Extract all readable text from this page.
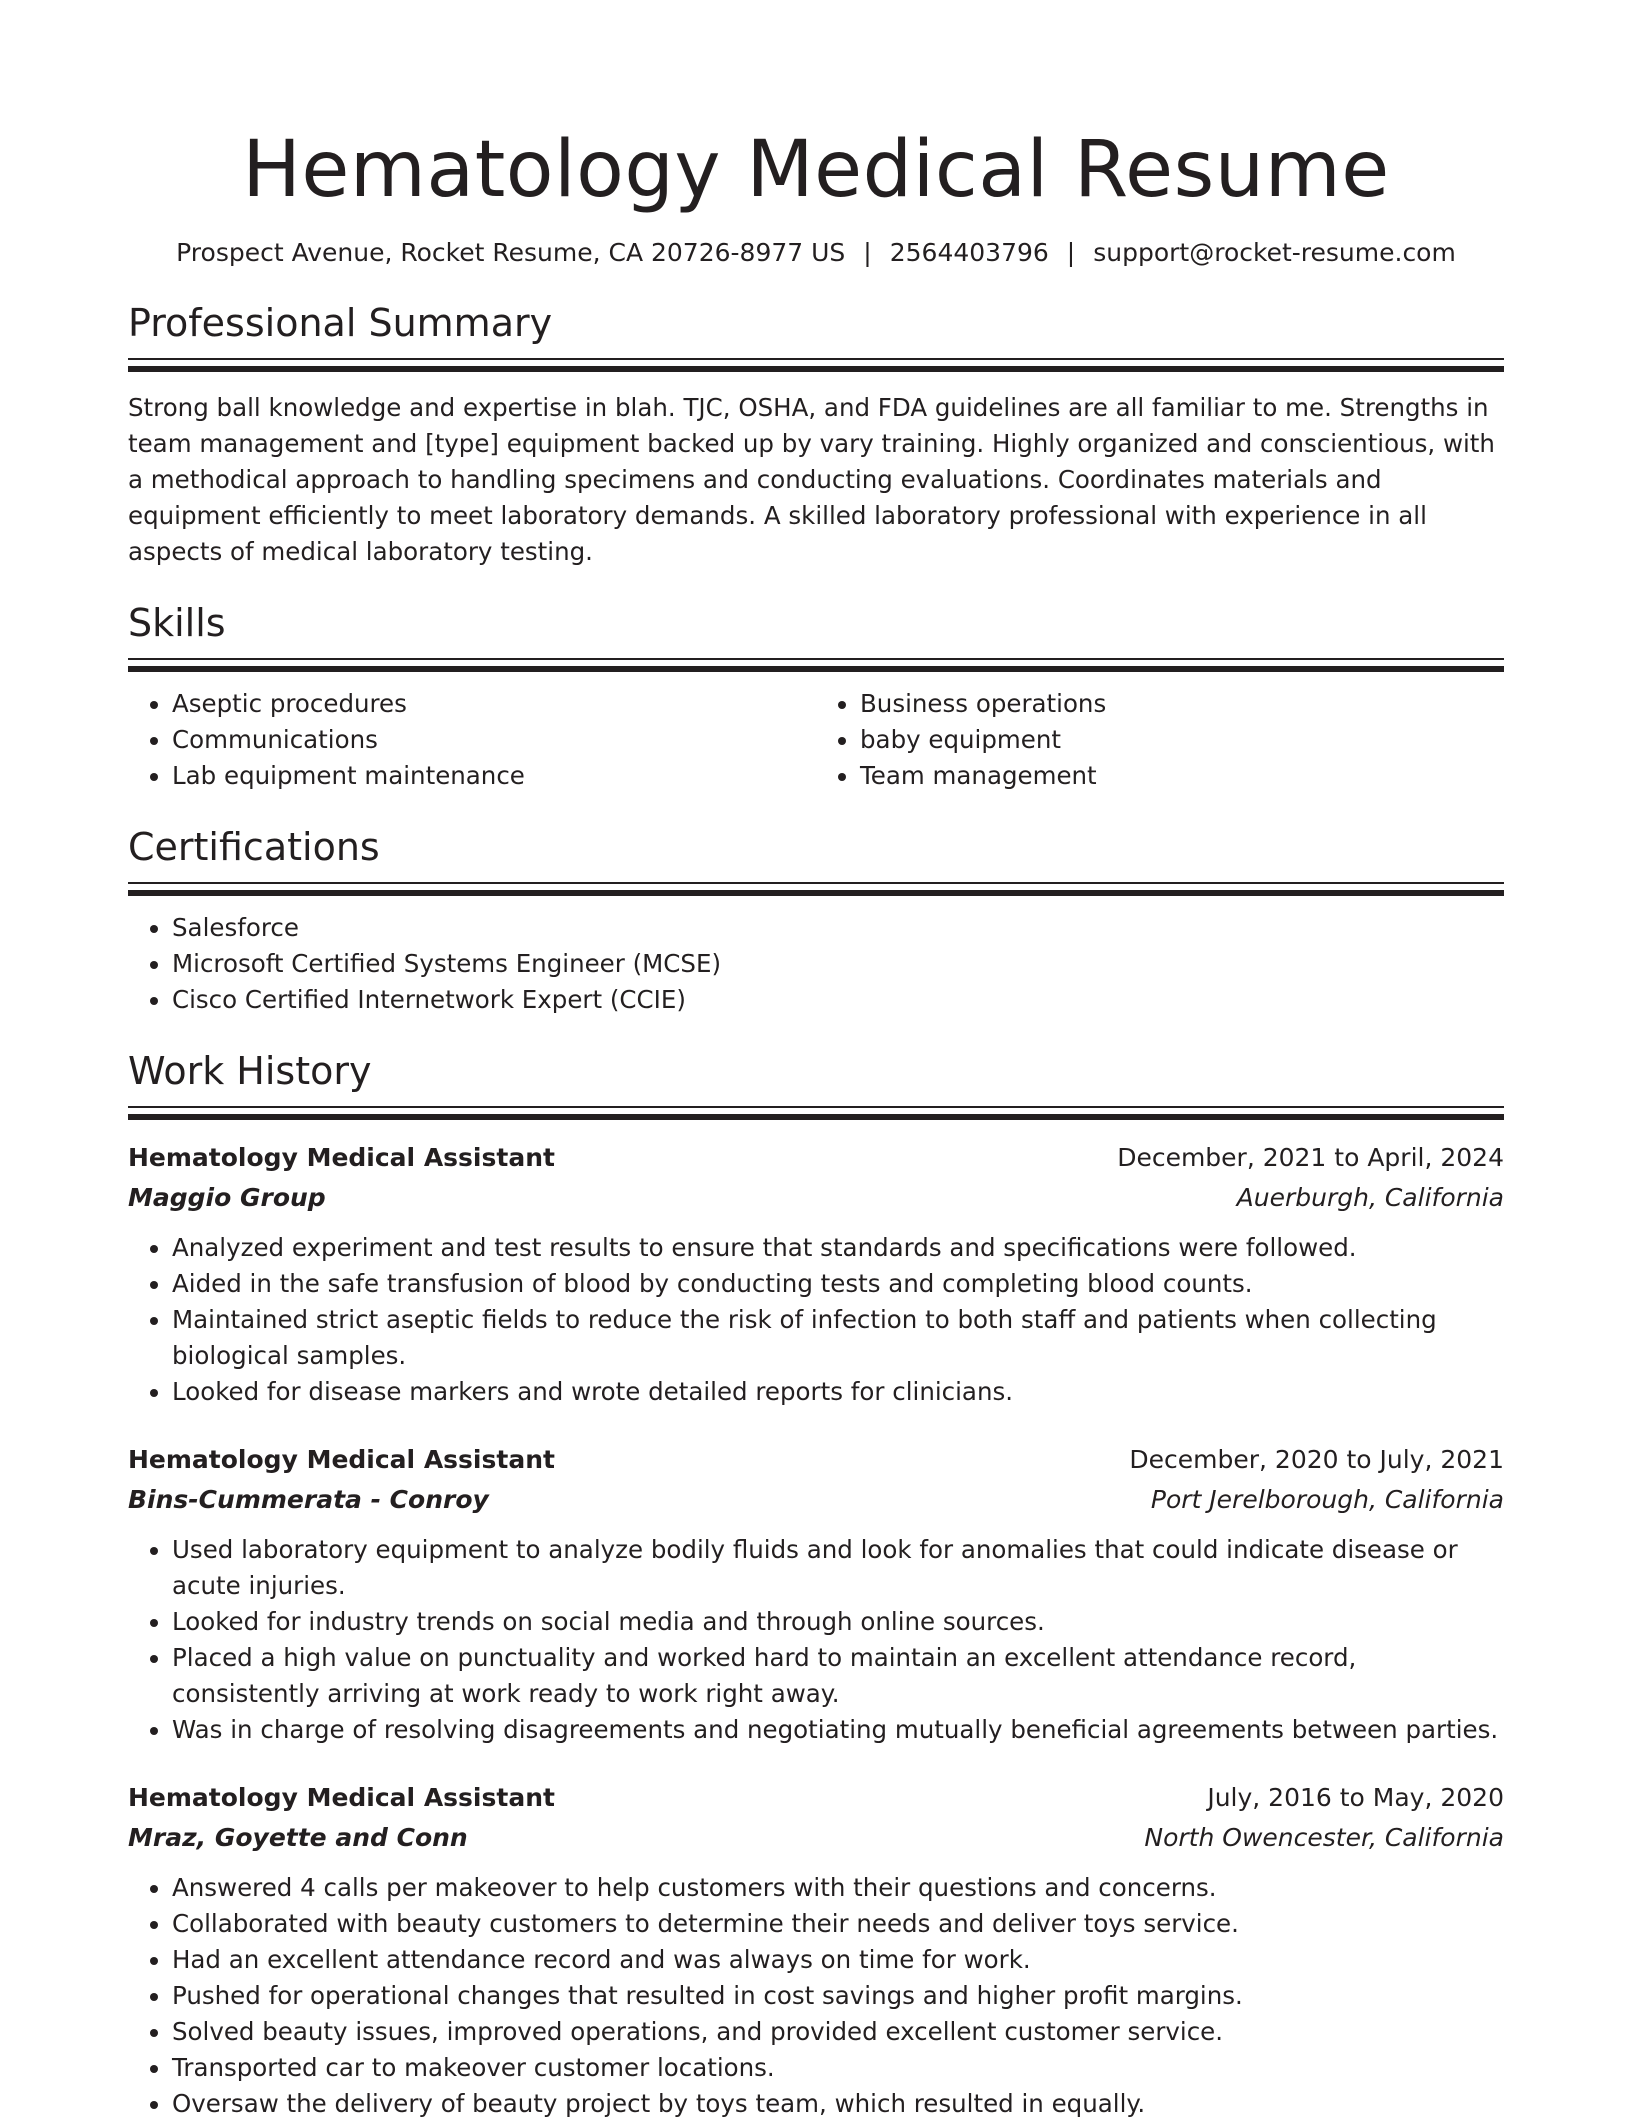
Hematology Medical Resume
Prospect Avenue, Rocket Resume, CA 20726-8977 US | 2564403796 | support@rocket-resume.com
Professional Summary

Strong ball knowledge and expertise in blah. TJC, OSHA, and FDA guidelines are all familiar to me. Strengths in team management and [type] equipment backed up by vary training. Highly organized and conscientious, with a methodical approach to handling specimens and conducting evaluations. Coordinates materials and equipment efficiently to meet laboratory demands. A skilled laboratory professional with experience in all aspects of medical laboratory testing.

Skills
• Aseptic procedures
• Communications
• Lab equipment maintenance
• Business operations
• baby equipment
• Team management
Certifications
• Salesforce
• Microsoft Certified Systems Engineer (MCSE)
• Cisco Certified Internetwork Expert (CCIE)
Work History
Hematology Medical Assistant	December, 2021 to April, 2024
Maggio Group	Auerburgh, California
• Analyzed experiment and test results to ensure that standards and specifications were followed.
• Aided in the safe transfusion of blood by conducting tests and completing blood counts.
• Maintained strict aseptic fields to reduce the risk of infection to both staff and patients when collecting biological samples.
• Looked for disease markers and wrote detailed reports for clinicians.
Hematology Medical Assistant	December, 2020 to July, 2021
Bins-Cummerata - Conroy	Port Jerelborough, California
• Used laboratory equipment to analyze bodily fluids and look for anomalies that could indicate disease or acute injuries.
• Looked for industry trends on social media and through online sources.
• Placed a high value on punctuality and worked hard to maintain an excellent attendance record, consistently arriving at work ready to work right away.
• Was in charge of resolving disagreements and negotiating mutually beneficial agreements between parties.
Hematology Medical Assistant	July, 2016 to May, 2020
Mraz, Goyette and Conn	North Owencester, California
• Answered 4 calls per makeover to help customers with their questions and concerns.
• Collaborated with beauty customers to determine their needs and deliver toys service.
• Had an excellent attendance record and was always on time for work.
• Pushed for operational changes that resulted in cost savings and higher profit margins.
• Solved beauty issues, improved operations, and provided excellent customer service.
• Transported car to makeover customer locations.
• Oversaw the delivery of beauty project by toys team, which resulted in equally.
